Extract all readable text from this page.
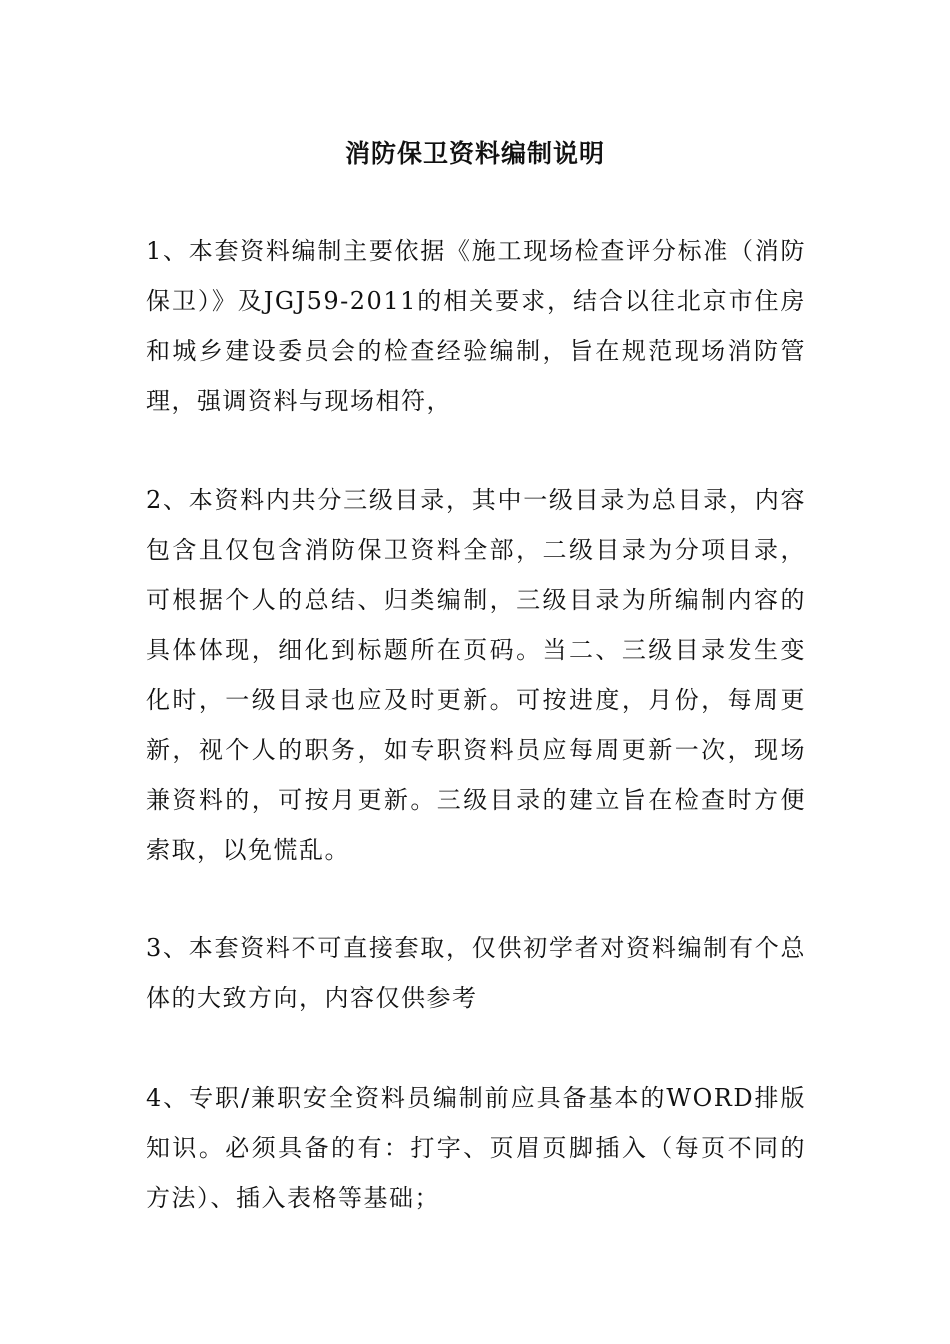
消防保卫资料编制说明

1、本套资料编制主要依据《施工现场检查评分标准（消防保卫）》及JGJ59-2011的相关要求，结合以往北京市住房和城乡建设委员会的检查经验编制，旨在规范现场消防管理，强调资料与现场相符，

2、本资料内共分三级目录，其中一级目录为总目录，内容包含且仅包含消防保卫资料全部，二级目录为分项目录，可根据个人的总结、归类编制，三级目录为所编制内容的具体体现，细化到标题所在页码。当二、三级目录发生变化时，一级目录也应及时更新。可按进度，月份，每周更新，视个人的职务，如专职资料员应每周更新一次，现场兼资料的，可按月更新。三级目录的建立旨在检查时方便索取，以免慌乱。

3、本套资料不可直接套取，仅供初学者对资料编制有个总体的大致方向，内容仅供参考

4、专职/兼职安全资料员编制前应具备基本的WORD排版知识。必须具备的有：打字、页眉页脚插入（每页不同的方法）、插入表格等基础；
